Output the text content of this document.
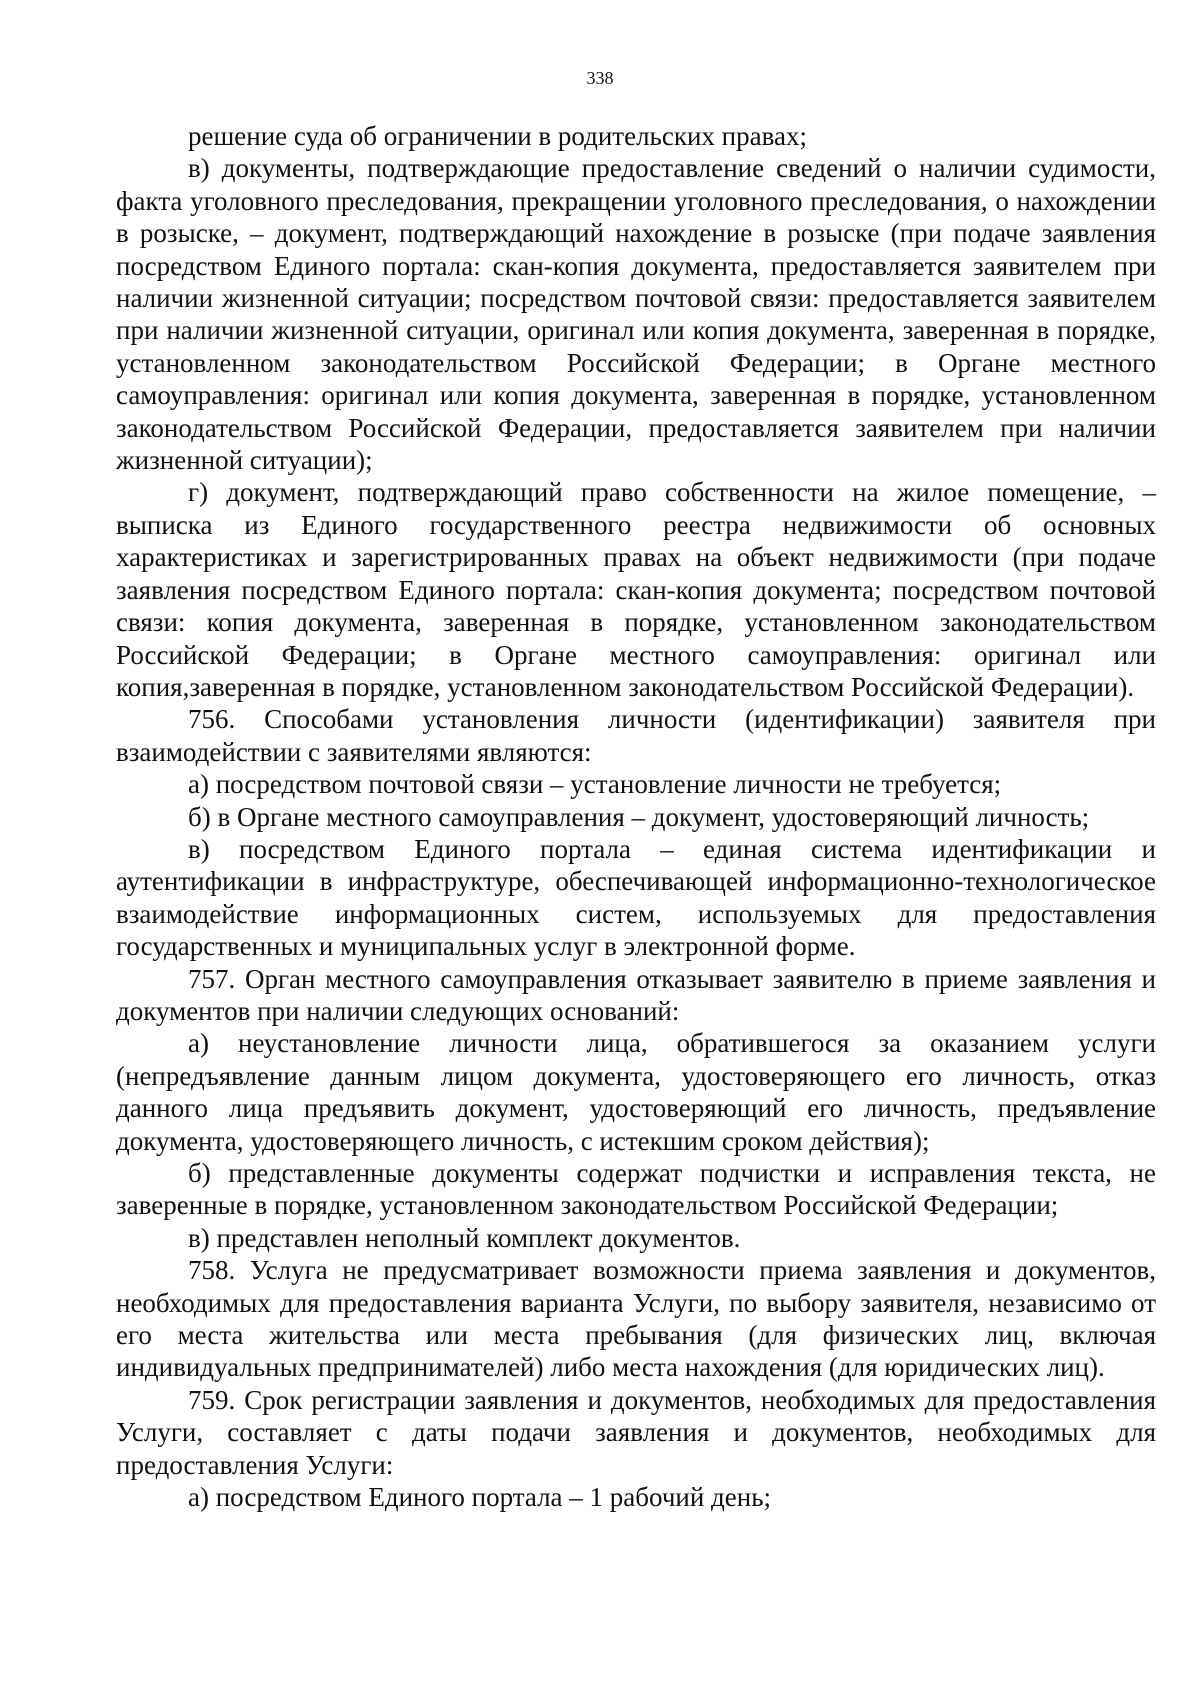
338

решение суда об ограничении в родительских правах;

в) документы, подтверждающие предоставление сведений о наличии судимости, факта уголовного преследования, прекращении уголовного преследования, о нахождении в розыске, – документ, подтверждающий нахождение в розыске (при подаче заявления посредством Единого портала: скан-копия документа, предоставляется заявителем при наличии жизненной ситуации; посредством почтовой связи: предоставляется заявителем при наличии жизненной ситуации, оригинал или копия документа, заверенная в порядке, установленном законодательством Российской Федерации; в Органе местного самоуправления: оригинал или копия документа, заверенная в порядке, установленном законодательством Российской Федерации, предоставляется заявителем при наличии жизненной ситуации);

г) документ, подтверждающий право собственности на жилое помещение, – выписка из Единого государственного реестра недвижимости об основных характеристиках и зарегистрированных правах на объект недвижимости (при подаче заявления посредством Единого портала: скан-копия документа; посредством почтовой связи: копия документа, заверенная в порядке, установленном законодательством Российской Федерации; в Органе местного самоуправления: оригинал или копия,заверенная в порядке, установленном законодательством Российской Федерации).

756. Способами установления личности (идентификации) заявителя при взаимодействии с заявителями являются:

а) посредством почтовой связи – установление личности не требуется;

б) в Органе местного самоуправления – документ, удостоверяющий личность;

в) посредством Единого портала – единая система идентификации и аутентификации в инфраструктуре, обеспечивающей информационно-технологическое взаимодействие информационных систем, используемых для предоставления государственных и муниципальных услуг в электронной форме.

757. Орган местного самоуправления отказывает заявителю в приеме заявления и документов при наличии следующих оснований:

а) неустановление личности лица, обратившегося за оказанием услуги (непредъявление данным лицом документа, удостоверяющего его личность, отказ данного лица предъявить документ, удостоверяющий его личность, предъявление документа, удостоверяющего личность, с истекшим сроком действия);

б) представленные документы содержат подчистки и исправления текста, не заверенные в порядке, установленном законодательством Российской Федерации;

в) представлен неполный комплект документов.

758. Услуга не предусматривает возможности приема заявления и документов, необходимых для предоставления варианта Услуги, по выбору заявителя, независимо от его места жительства или места пребывания (для физических лиц, включая индивидуальных предпринимателей) либо места нахождения (для юридических лиц).

759. Срок регистрации заявления и документов, необходимых для предоставления Услуги, составляет с даты подачи заявления и документов, необходимых для предоставления Услуги:

а) посредством Единого портала – 1 рабочий день;
